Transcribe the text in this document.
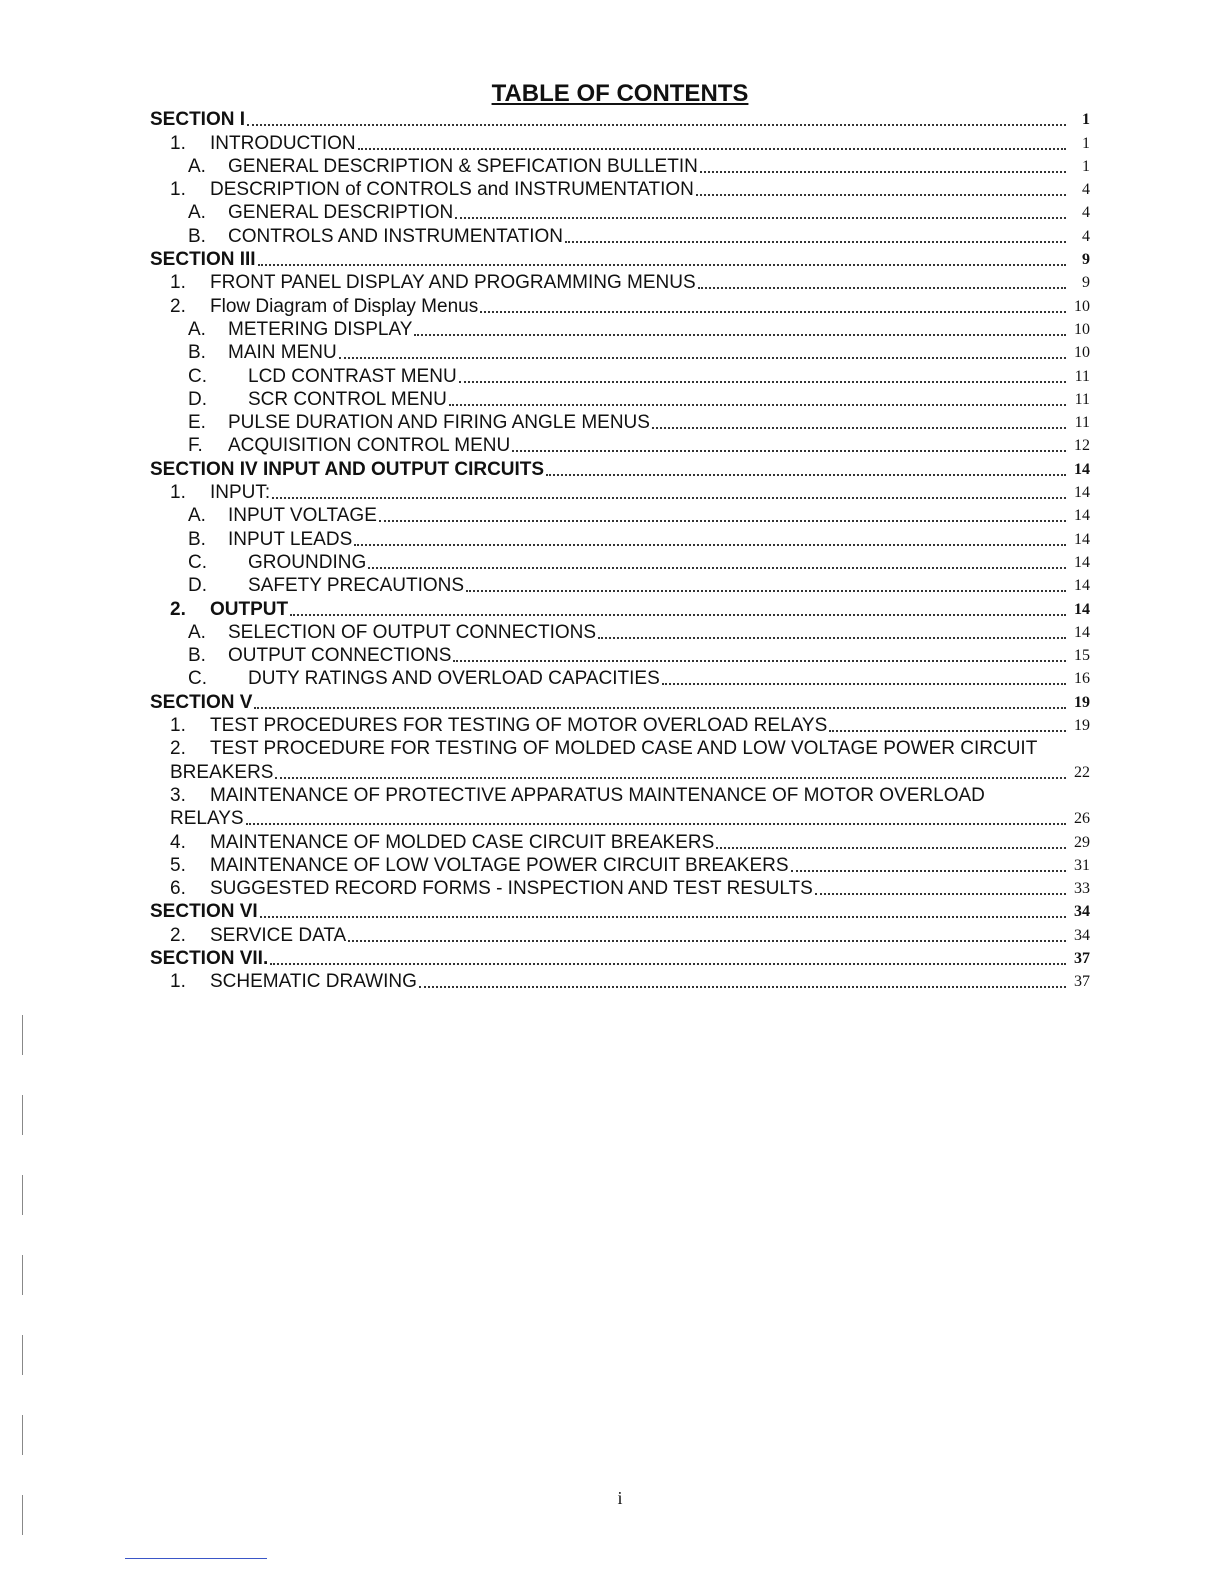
TABLE OF CONTENTS
SECTION I	1
1.	INTRODUCTION	1
A.	GENERAL DESCRIPTION & SPEFICATION BULLETIN	1
1.	DESCRIPTION of CONTROLS and INSTRUMENTATION	4
A.	GENERAL DESCRIPTION	4
B.	CONTROLS AND INSTRUMENTATION	4
SECTION III	9
1.	FRONT PANEL DISPLAY AND PROGRAMMING MENUS	9
2.	Flow Diagram of Display Menus	10
A.	METERING DISPLAY	10
B.	MAIN MENU	10
C.	LCD CONTRAST MENU	11
D.	SCR CONTROL MENU	11
E.	PULSE DURATION AND FIRING ANGLE MENUS	11
F.	ACQUISITION CONTROL MENU	12
SECTION IV INPUT AND OUTPUT CIRCUITS	14
1.	INPUT:	14
A.	INPUT VOLTAGE	14
B.	INPUT LEADS	14
C.	GROUNDING	14
D.	SAFETY PRECAUTIONS	14
2.	OUTPUT	14
A.	SELECTION OF OUTPUT CONNECTIONS	14
B.	OUTPUT CONNECTIONS	15
C.	DUTY RATINGS AND OVERLOAD CAPACITIES	16
SECTION V	19
1.	TEST PROCEDURES FOR TESTING OF MOTOR OVERLOAD RELAYS	19
2.	TEST PROCEDURE FOR TESTING OF MOLDED CASE AND LOW VOLTAGE POWER CIRCUIT
BREAKERS	22
3.	MAINTENANCE OF PROTECTIVE APPARATUS MAINTENANCE OF MOTOR OVERLOAD
RELAYS	26
4.	MAINTENANCE OF MOLDED CASE CIRCUIT BREAKERS	29
5.	MAINTENANCE OF LOW VOLTAGE POWER CIRCUIT BREAKERS	31
6.	SUGGESTED RECORD FORMS - INSPECTION AND TEST RESULTS	33
SECTION VI	34
2.	SERVICE DATA	34
SECTION VII.	37
1.	SCHEMATIC DRAWING	37
i
